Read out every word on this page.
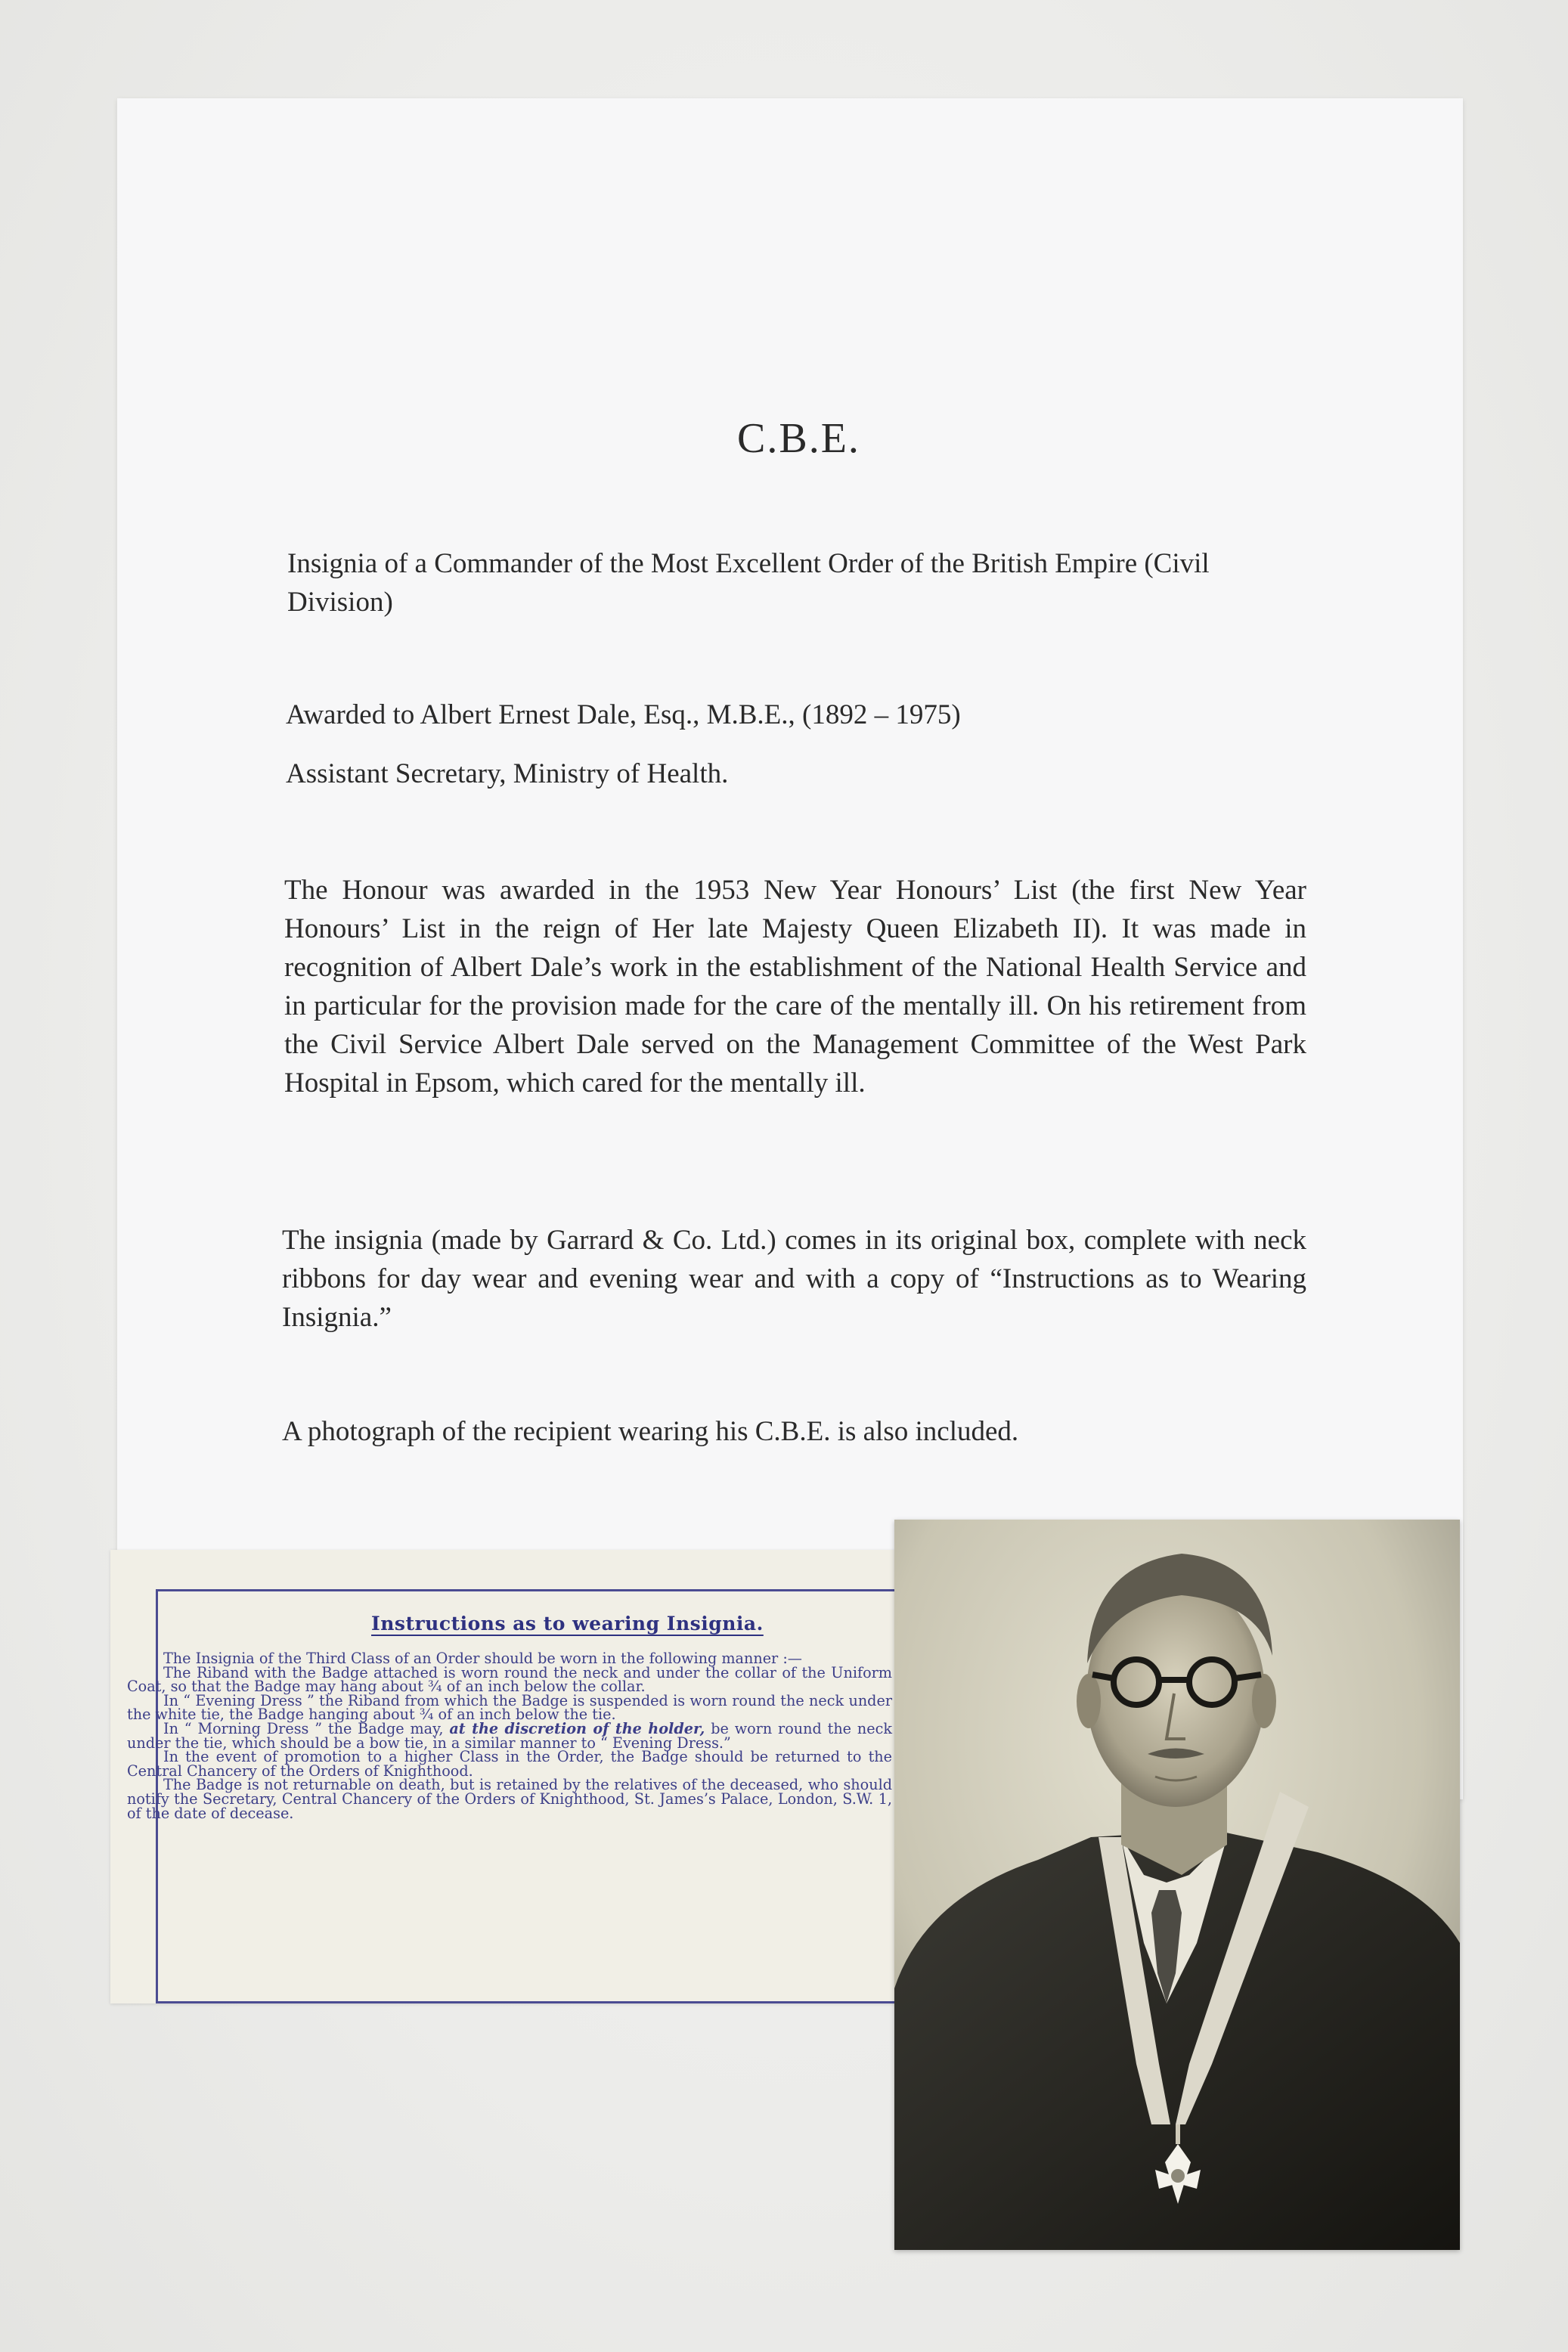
C.B.E.
Insignia of a Commander of the Most Excellent Order of the British Empire (Civil Division)
Awarded to Albert Ernest Dale, Esq., M.B.E., (1892 – 1975)
Assistant Secretary, Ministry of Health.
The Honour was awarded in the 1953 New Year Honours’ List (the first New Year Honours’ List in the reign of Her late Majesty Queen Elizabeth II). It was made in recognition of Albert Dale’s work in the establishment of the National Health Service and in particular for the provision made for the care of the mentally ill. On his retirement from the Civil Service Albert Dale served on the Management Committee of the West Park Hospital in Epsom, which cared for the mentally ill.
The insignia (made by Garrard & Co. Ltd.) comes in its original box, complete with neck ribbons for day wear and evening wear and with a copy of “Instructions as to Wearing Insignia.”
A photograph of the recipient wearing his C.B.E. is also included.
Instructions as to wearing Insignia.

The Insignia of the Third Class of an Order should be worn in the following manner :—

The Riband with the Badge attached is worn round the neck and under the collar of the Uniform Coat, so that the Badge may hang about ¾ of an inch below the collar.

In “ Evening Dress ” the Riband from which the Badge is suspended is worn round the neck under the white tie, the Badge hanging about ¾ of an inch below the tie.

In “ Morning Dress ” the Badge may, at the discretion of the holder, be worn round the neck under the tie, which should be a bow tie, in a similar manner to “ Evening Dress.”

In the event of promotion to a higher Class in the Order, the Badge should be returned to the Central Chancery of the Orders of Knighthood.

The Badge is not returnable on death, but is retained by the relatives of the deceased, who should notify the Secretary, Central Chancery of the Orders of Knighthood, St. James’s Palace, London, S.W. 1, of the date of decease.
